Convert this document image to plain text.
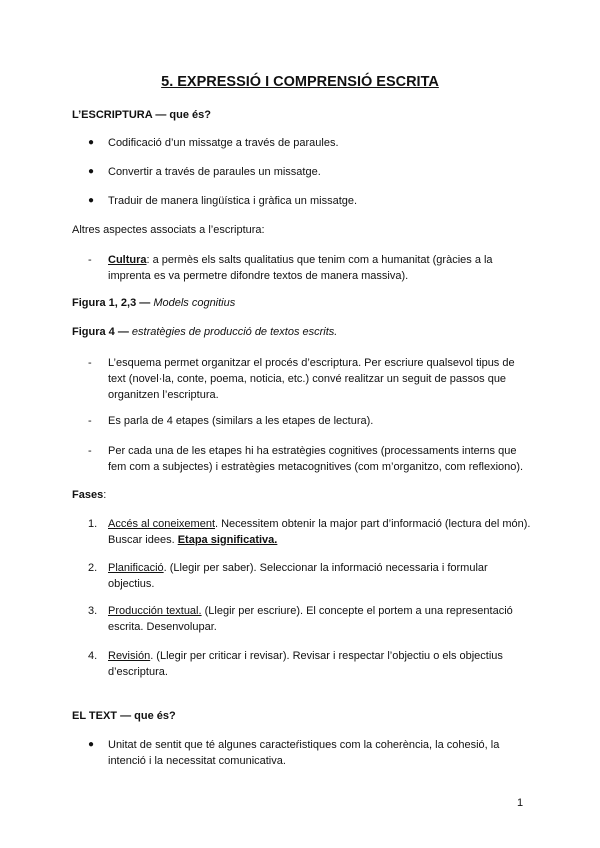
5. EXPRESSIÓ I COMPRENSIÓ ESCRITA
L’ESCRIPTURA — que és?
●	Codificació d’un missatge a través de paraules.
●	Convertir a través de paraules un missatge.
●	Traduir de manera lingüística i gràfica un missatge.
Altres aspectes associats a l’escriptura:
-	Cultura: a permès els salts qualitatius que tenim com a humanitat (gràcies a la imprenta es va permetre difondre textos de manera massiva).
Figura 1, 2,3 — Models cognitius
Figura 4 — estratègies de producció de textos escrits.
-	L’esquema permet organitzar el procés d’escriptura. Per escriure qualsevol tipus de text (novel·la, conte, poema, noticia, etc.) convé realitzar un seguit de passos que organitzen l’escriptura.
-	Es parla de 4 etapes (similars a les etapes de lectura).
-	Per cada una de les etapes hi ha estratègies cognitives (processaments interns que fem com a subjectes) i estratègies metacognitives (com m’organitzo, com reflexiono).
Fases:
1. Accés al coneixement. Necessitem obtenir la major part d’informació (lectura del món). Buscar idees. Etapa significativa.
2. Planificació. (Llegir per saber). Seleccionar la informació necessaria i formular objectius.
3. Producción textual. (Llegir per escriure). El concepte el portem a una representació escrita. Desenvolupar.
4. Revisión. (Llegir per criticar i revisar). Revisar i respectar l’objectiu o els objectius d’escriptura.
EL TEXT — que és?
●	Unitat de sentit que té algunes caracteŕistiques com la coherència, la cohesió, la intenció i la necessitat comunicativa.
1
